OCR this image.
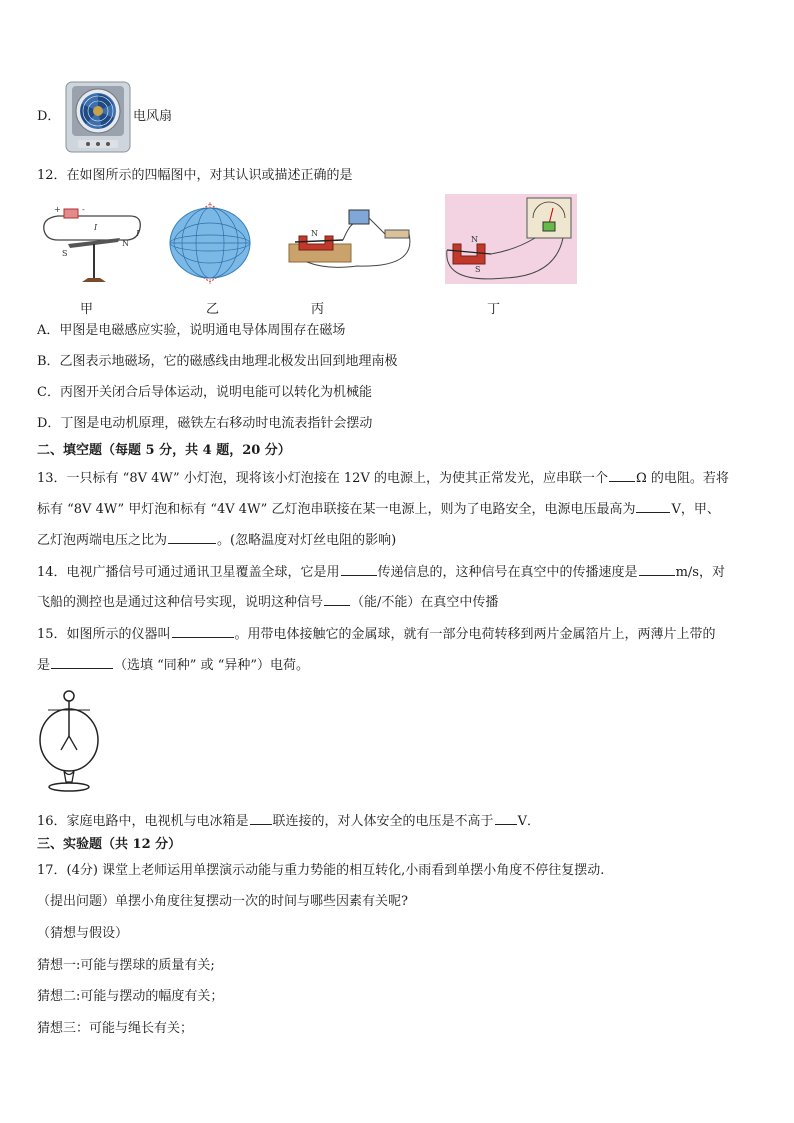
D．	电风扇
12．在如图所示的四幅图中，对其认识或描述正确的是
+	-
I
I
N
S
N
N
S
甲	乙	丙	丁
A．甲图是电磁感应实验，说明通电导体周围存在磁场
B．乙图表示地磁场，它的磁感线由地理北极发出回到地理南极
C．丙图开关闭合后导体运动，说明电能可以转化为机械能
D．丁图是电动机原理，磁铁左右移动时电流表指针会摆动
二、填空题（每题 5 分，共 4 题，20 分）
13．一只标有 “8V 4W” 小灯泡，现将该小灯泡接在 12V 的电源上，为使其正常发光，应串联一个 Ω 的电阻。若将
标有 “8V 4W” 甲灯泡和标有 “4V 4W” 乙灯泡串联接在某一电源上，则为了电路安全，电源电压最高为	V，甲、
乙灯泡两端电压之比为	。(忽略温度对灯丝电阻的影响)
14．电视广播信号可通过通讯卫星覆盖全球，它是用	传递信息的，这种信号在真空中的传播速度是	m/s，对
飞船的测控也是通过这种信号实现，说明这种信号 （能/不能）在真空中传播
15．如图所示的仪器叫	。用带电体接触它的金属球，就有一部分电荷转移到两片金属箔片上，两薄片上带的
是	（选填 “同种” 或 “异种”）电荷。
16．家庭电路中，电视机与电冰箱是 联连接的，对人体安全的电压是不高于 V．
三、实验题（共 12 分）
17．(4分) 课堂上老师运用单摆演示动能与重力势能的相互转化,小雨看到单摆小角度不停往复摆动.
（提出问题）单摆小角度往复摆动一次的时间与哪些因素有关呢?
（猜想与假设）
猜想一:可能与摆球的质量有关;
猜想二:可能与摆动的幅度有关；
猜想三：可能与绳长有关；
